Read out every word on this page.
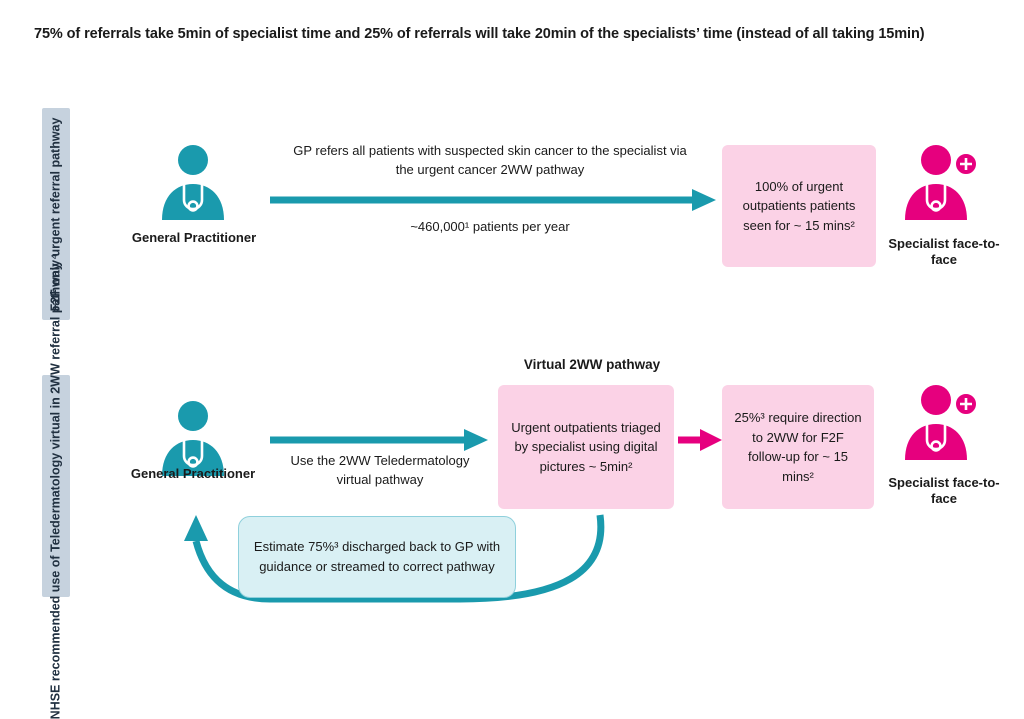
75% of referrals take 5min of specialist time and 25% of referrals will take 20min of the specialists’ time (instead of all taking 15min)
F2F only urgent referral pathway	General Practitioner
GP refers all patients with suspected skin cancer to the specialist via the urgent cancer 2WW pathway
~460,000¹ patients per year
100% of urgent outpatients patients seen for ~ 15 mins²
Specialist face-to-face
NHSE recommended use of Teledermatology virtual in 2WW referral pathway ⁴	General Practitioner
Use the 2WW Teledermatology virtual pathway
Virtual 2WW pathway
Urgent outpatients triaged by specialist using digital pictures ~ 5min²
25%³ require direction to 2WW for F2F follow-up for ~ 15 mins²	Specialist face-to-face
Estimate 75%³ discharged back to GP with guidance or streamed to correct pathway
